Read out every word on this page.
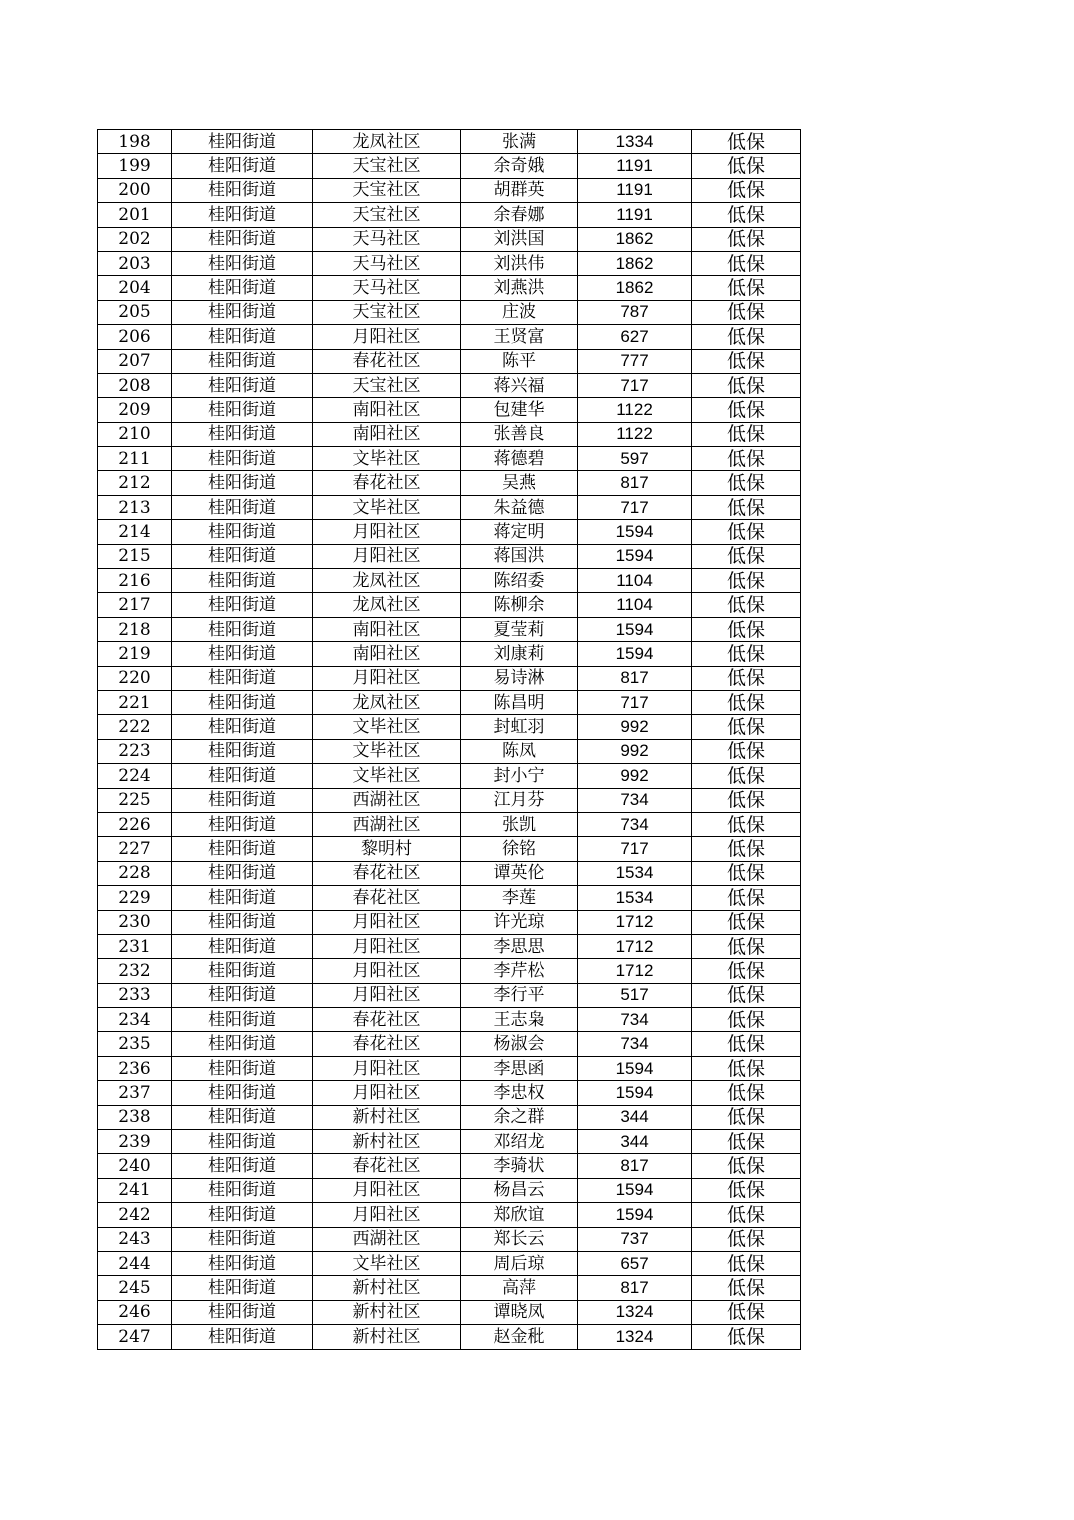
198	桂阳街道	龙凤社区	张满	1334	低保
199	桂阳街道	天宝社区	余奇娥	1191	低保
200	桂阳街道	天宝社区	胡群英	1191	低保
201	桂阳街道	天宝社区	余春娜	1191	低保
202	桂阳街道	天马社区	刘洪国	1862	低保
203	桂阳街道	天马社区	刘洪伟	1862	低保
204	桂阳街道	天马社区	刘燕洪	1862	低保
205	桂阳街道	天宝社区	庄波	787	低保
206	桂阳街道	月阳社区	王贤富	627	低保
207	桂阳街道	春花社区	陈平	777	低保
208	桂阳街道	天宝社区	蒋兴福	717	低保
209	桂阳街道	南阳社区	包建华	1122	低保
210	桂阳街道	南阳社区	张善良	1122	低保
211	桂阳街道	文毕社区	蒋德碧	597	低保
212	桂阳街道	春花社区	吴燕	817	低保
213	桂阳街道	文毕社区	朱益德	717	低保
214	桂阳街道	月阳社区	蒋定明	1594	低保
215	桂阳街道	月阳社区	蒋国洪	1594	低保
216	桂阳街道	龙凤社区	陈绍委	1104	低保
217	桂阳街道	龙凤社区	陈柳余	1104	低保
218	桂阳街道	南阳社区	夏莹莉	1594	低保
219	桂阳街道	南阳社区	刘康莉	1594	低保
220	桂阳街道	月阳社区	易诗淋	817	低保
221	桂阳街道	龙凤社区	陈昌明	717	低保
222	桂阳街道	文毕社区	封虹羽	992	低保
223	桂阳街道	文毕社区	陈凤	992	低保
224	桂阳街道	文毕社区	封小宁	992	低保
225	桂阳街道	西湖社区	江月芬	734	低保
226	桂阳街道	西湖社区	张凯	734	低保
227	桂阳街道	黎明村	徐铭	717	低保
228	桂阳街道	春花社区	谭英伦	1534	低保
229	桂阳街道	春花社区	李莲	1534	低保
230	桂阳街道	月阳社区	许光琼	1712	低保
231	桂阳街道	月阳社区	李思思	1712	低保
232	桂阳街道	月阳社区	李芹松	1712	低保
233	桂阳街道	月阳社区	李行平	517	低保
234	桂阳街道	春花社区	王志枭	734	低保
235	桂阳街道	春花社区	杨淑会	734	低保
236	桂阳街道	月阳社区	李思函	1594	低保
237	桂阳街道	月阳社区	李忠权	1594	低保
238	桂阳街道	新村社区	余之群	344	低保
239	桂阳街道	新村社区	邓绍龙	344	低保
240	桂阳街道	春花社区	李骑状	817	低保
241	桂阳街道	月阳社区	杨昌云	1594	低保
242	桂阳街道	月阳社区	郑欣谊	1594	低保
243	桂阳街道	西湖社区	郑长云	737	低保
244	桂阳街道	文毕社区	周后琼	657	低保
245	桂阳街道	新村社区	高萍	817	低保
246	桂阳街道	新村社区	谭晓凤	1324	低保
247	桂阳街道	新村社区	赵金秕	1324	低保
